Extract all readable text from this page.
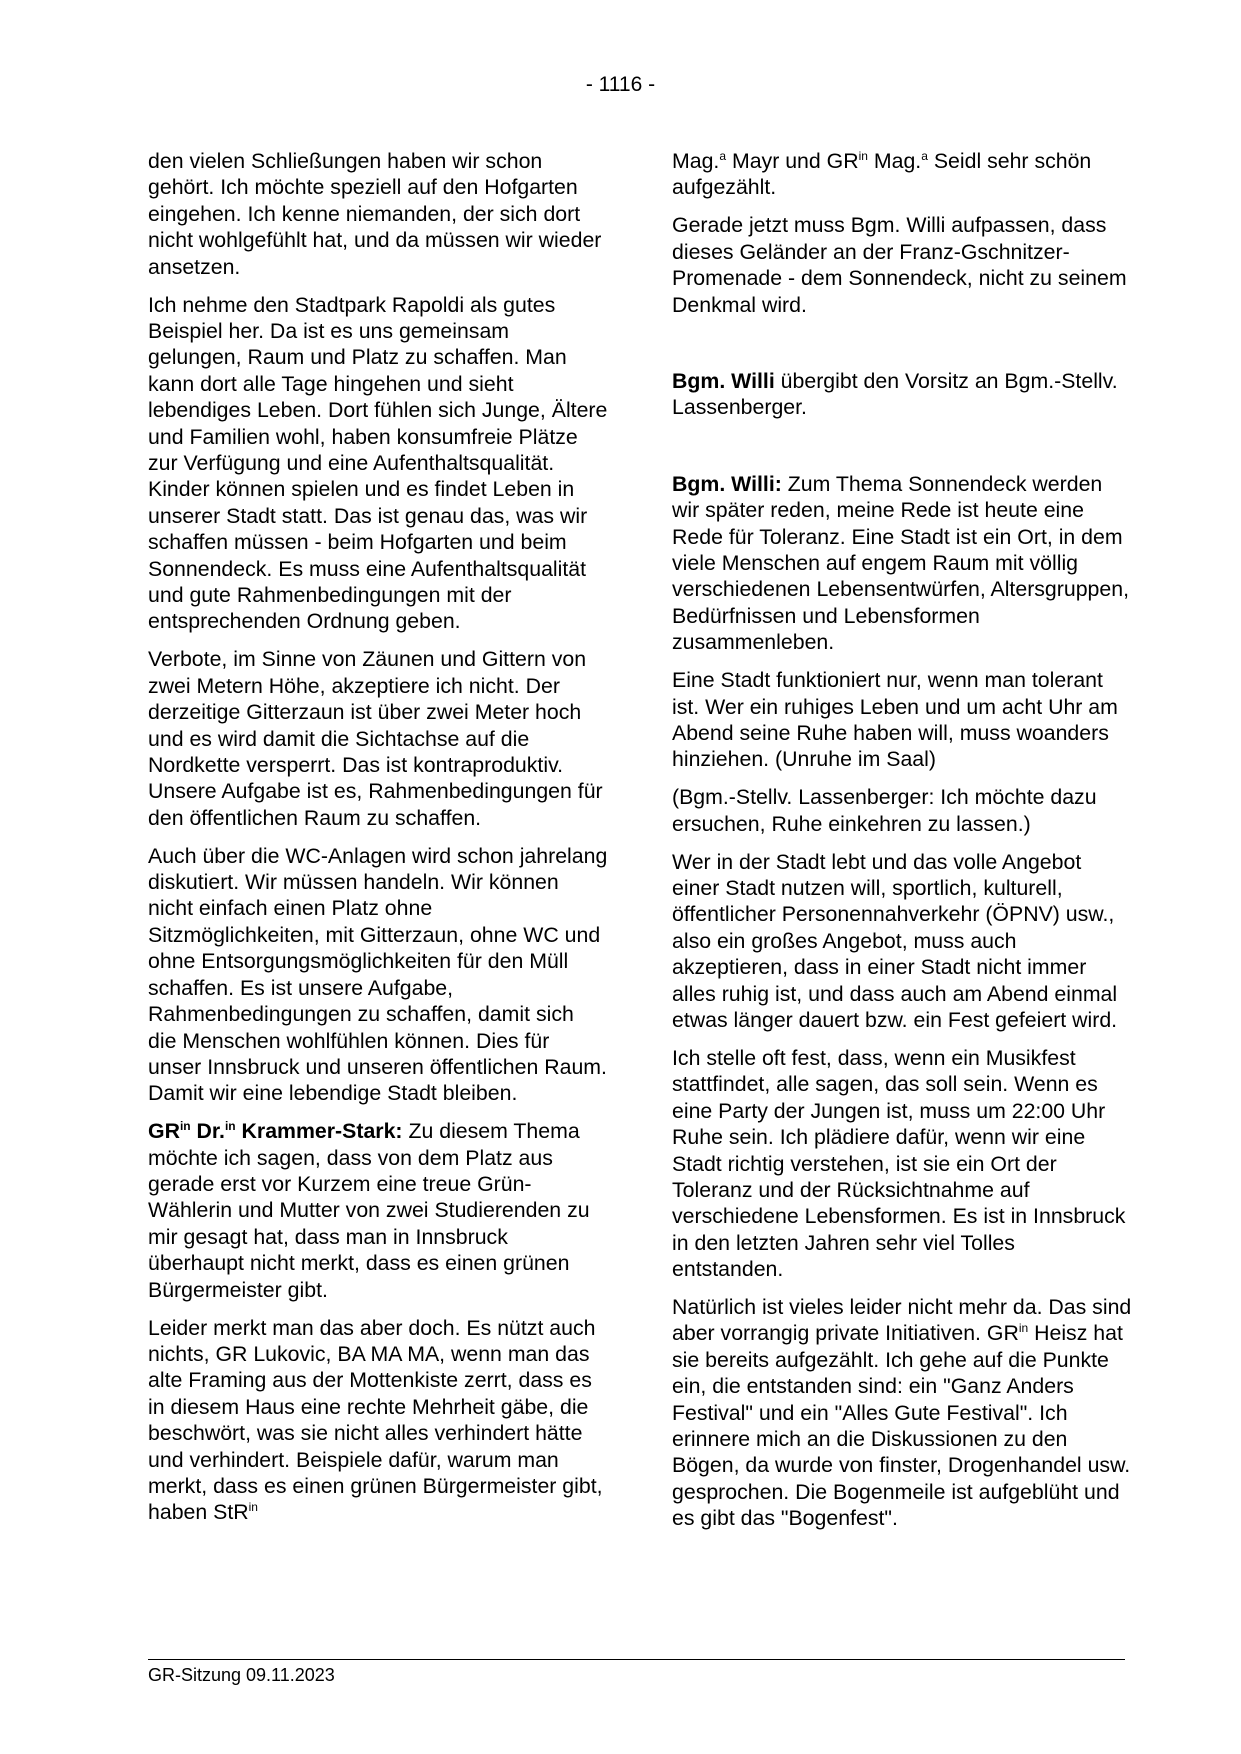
- 1116 -

den vielen Schließungen haben wir schon gehört. Ich möchte speziell auf den Hofgarten eingehen. Ich kenne niemanden, der sich dort nicht wohlgefühlt hat, und da müssen wir wieder ansetzen.

Ich nehme den Stadtpark Rapoldi als gutes Beispiel her. Da ist es uns gemeinsam gelungen, Raum und Platz zu schaffen. Man kann dort alle Tage hingehen und sieht lebendiges Leben. Dort fühlen sich Junge, Ältere und Familien wohl, haben konsumfreie Plätze zur Verfügung und eine Aufenthaltsqualität. Kinder können spielen und es findet Leben in unserer Stadt statt. Das ist genau das, was wir schaffen müssen - beim Hofgarten und beim Sonnendeck. Es muss eine Aufenthaltsqualität und gute Rahmenbedingungen mit der entsprechenden Ordnung geben.

Verbote, im Sinne von Zäunen und Gittern von zwei Metern Höhe, akzeptiere ich nicht. Der derzeitige Gitterzaun ist über zwei Meter hoch und es wird damit die Sichtachse auf die Nordkette versperrt. Das ist kontraproduktiv. Unsere Aufgabe ist es, Rahmenbedingungen für den öffentlichen Raum zu schaffen.

Auch über die WC-Anlagen wird schon jahrelang diskutiert. Wir müssen handeln. Wir können nicht einfach einen Platz ohne Sitzmöglichkeiten, mit Gitterzaun, ohne WC und ohne Entsorgungsmöglichkeiten für den Müll schaffen. Es ist unsere Aufgabe, Rahmenbedingungen zu schaffen, damit sich die Menschen wohlfühlen können. Dies für unser Innsbruck und unseren öffentlichen Raum. Damit wir eine lebendige Stadt bleiben.

$GR^{in}$ Dr.$^{in}$ Krammer-Stark: Zu diesem Thema möchte ich sagen, dass von dem Platz aus gerade erst vor Kurzem eine treue Grün-Wählerin und Mutter von zwei Studierenden zu mir gesagt hat, dass man in Innsbruck überhaupt nicht merkt, dass es einen grünen Bürgermeister gibt.

Leider merkt man das aber doch. Es nützt auch nichts, GR Lukovic, BA MA MA, wenn man das alte Framing aus der Mottenkiste zerrt, dass es in diesem Haus eine rechte Mehrheit gäbe, die beschwört, was sie nicht alles verhindert hätte und verhindert. Beispiele dafür, warum man merkt, dass es einen grünen Bürgermeister gibt, haben StR$^{in}$

Mag.$^a$ Mayr und $GR^{in}$ Mag.$^a$ Seidl sehr schön aufgezählt.

Gerade jetzt muss Bgm. Willi aufpassen, dass dieses Geländer an der Franz-Gschnitzer-Promenade - dem Sonnendeck, nicht zu seinem Denkmal wird.

Bgm. Willi übergibt den Vorsitz an Bgm.-Stellv. Lassenberger.

Bgm. Willi: Zum Thema Sonnendeck werden wir später reden, meine Rede ist heute eine Rede für Toleranz. Eine Stadt ist ein Ort, in dem viele Menschen auf engem Raum mit völlig verschiedenen Lebensentwürfen, Altersgruppen, Bedürfnissen und Lebensformen zusammenleben.

Eine Stadt funktioniert nur, wenn man tolerant ist. Wer ein ruhiges Leben und um acht Uhr am Abend seine Ruhe haben will, muss woanders hinziehen. (Unruhe im Saal)

(Bgm.-Stellv. Lassenberger: Ich möchte dazu ersuchen, Ruhe einkehren zu lassen.)

Wer in der Stadt lebt und das volle Angebot einer Stadt nutzen will, sportlich, kulturell, öffentlicher Personennahverkehr (ÖPNV) usw., also ein großes Angebot, muss auch akzeptieren, dass in einer Stadt nicht immer alles ruhig ist, und dass auch am Abend einmal etwas länger dauert bzw. ein Fest gefeiert wird.

Ich stelle oft fest, dass, wenn ein Musikfest stattfindet, alle sagen, das soll sein. Wenn es eine Party der Jungen ist, muss um 22:00 Uhr Ruhe sein. Ich plädiere dafür, wenn wir eine Stadt richtig verstehen, ist sie ein Ort der Toleranz und der Rücksichtnahme auf verschiedene Lebensformen. Es ist in Innsbruck in den letzten Jahren sehr viel Tolles entstanden.

Natürlich ist vieles leider nicht mehr da. Das sind aber vorrangig private Initiativen. $GR^{in}$ Heisz hat sie bereits aufgezählt. Ich gehe auf die Punkte ein, die entstanden sind: ein "Ganz Anders Festival" und ein "Alles Gute Festival". Ich erinnere mich an die Diskussionen zu den Bögen, da wurde von finster, Drogenhandel usw. gesprochen. Die Bogenmeile ist aufgeblüht und es gibt das "Bogenfest".

GR-Sitzung 09.11.2023
